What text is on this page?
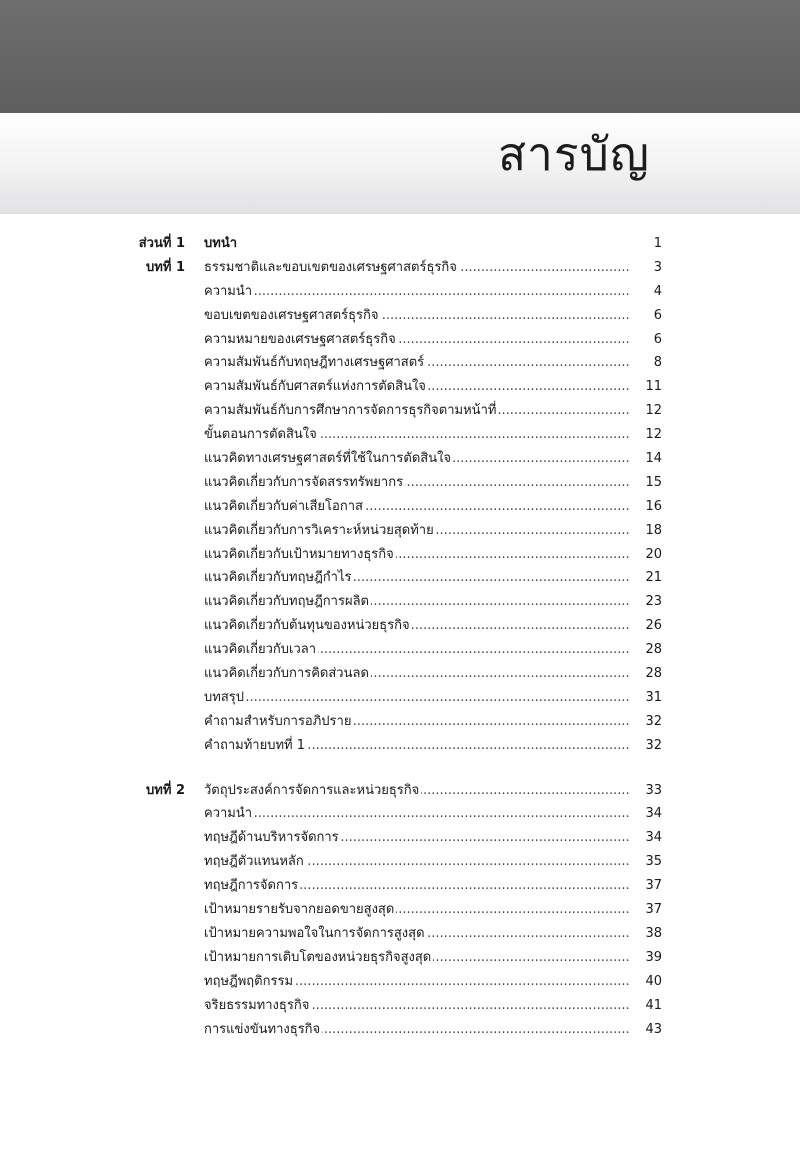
สารบัญ
ส่วนที่ 1 บทนำ	1
บทที่ 1 ธรรมชาติและขอบเขตของเศรษฐศาสตร์ธุรกิจ .....	3
ความนำ .....	4
ขอบเขตของเศรษฐศาสตร์ธุรกิจ .....	6
ความหมายของเศรษฐศาสตร์ธุรกิจ .....	6
ความสัมพันธ์กับทฤษฎีทางเศรษฐศาสตร์ .....	8
ความสัมพันธ์กับศาสตร์แห่งการตัดสินใจ .....	11
ความสัมพันธ์กับการศึกษาการจัดการธุรกิจตามหน้าที่ .....	12
ขั้นตอนการตัดสินใจ .....	12
แนวคิดทางเศรษฐศาสตร์ที่ใช้ในการตัดสินใจ .....	14
แนวคิดเกี่ยวกับการจัดสรรทรัพยากร .....	15
แนวคิดเกี่ยวกับค่าเสียโอกาส .....	16
แนวคิดเกี่ยวกับการวิเคราะห์หน่วยสุดท้าย .....	18
แนวคิดเกี่ยวกับเป้าหมายทางธุรกิจ .....	20
แนวคิดเกี่ยวกับทฤษฎีกำไร .....	21
แนวคิดเกี่ยวกับทฤษฎีการผลิต .....	23
แนวคิดเกี่ยวกับต้นทุนของหน่วยธุรกิจ .....	26
แนวคิดเกี่ยวกับเวลา .....	28
แนวคิดเกี่ยวกับการคิดส่วนลด .....	28
บทสรุป .....	31
คำถามสำหรับการอภิปราย .....	32
คำถามท้ายบทที่ 1 .....	32
บทที่ 2 วัตถุประสงค์การจัดการและหน่วยธุรกิจ .....	33
ความนำ .....	34
ทฤษฎีด้านบริหารจัดการ .....	34
ทฤษฎีตัวแทนหลัก .....	35
ทฤษฎีการจัดการ .....	37
เป้าหมายรายรับจากยอดขายสูงสุด .....	37
เป้าหมายความพอใจในการจัดการสูงสุด .....	38
เป้าหมายการเติบโตของหน่วยธุรกิจสูงสุด .....	39
ทฤษฎีพฤติกรรม .....	40
จริยธรรมทางธุรกิจ .....	41
การแข่งขันทางธุรกิจ .....	43
